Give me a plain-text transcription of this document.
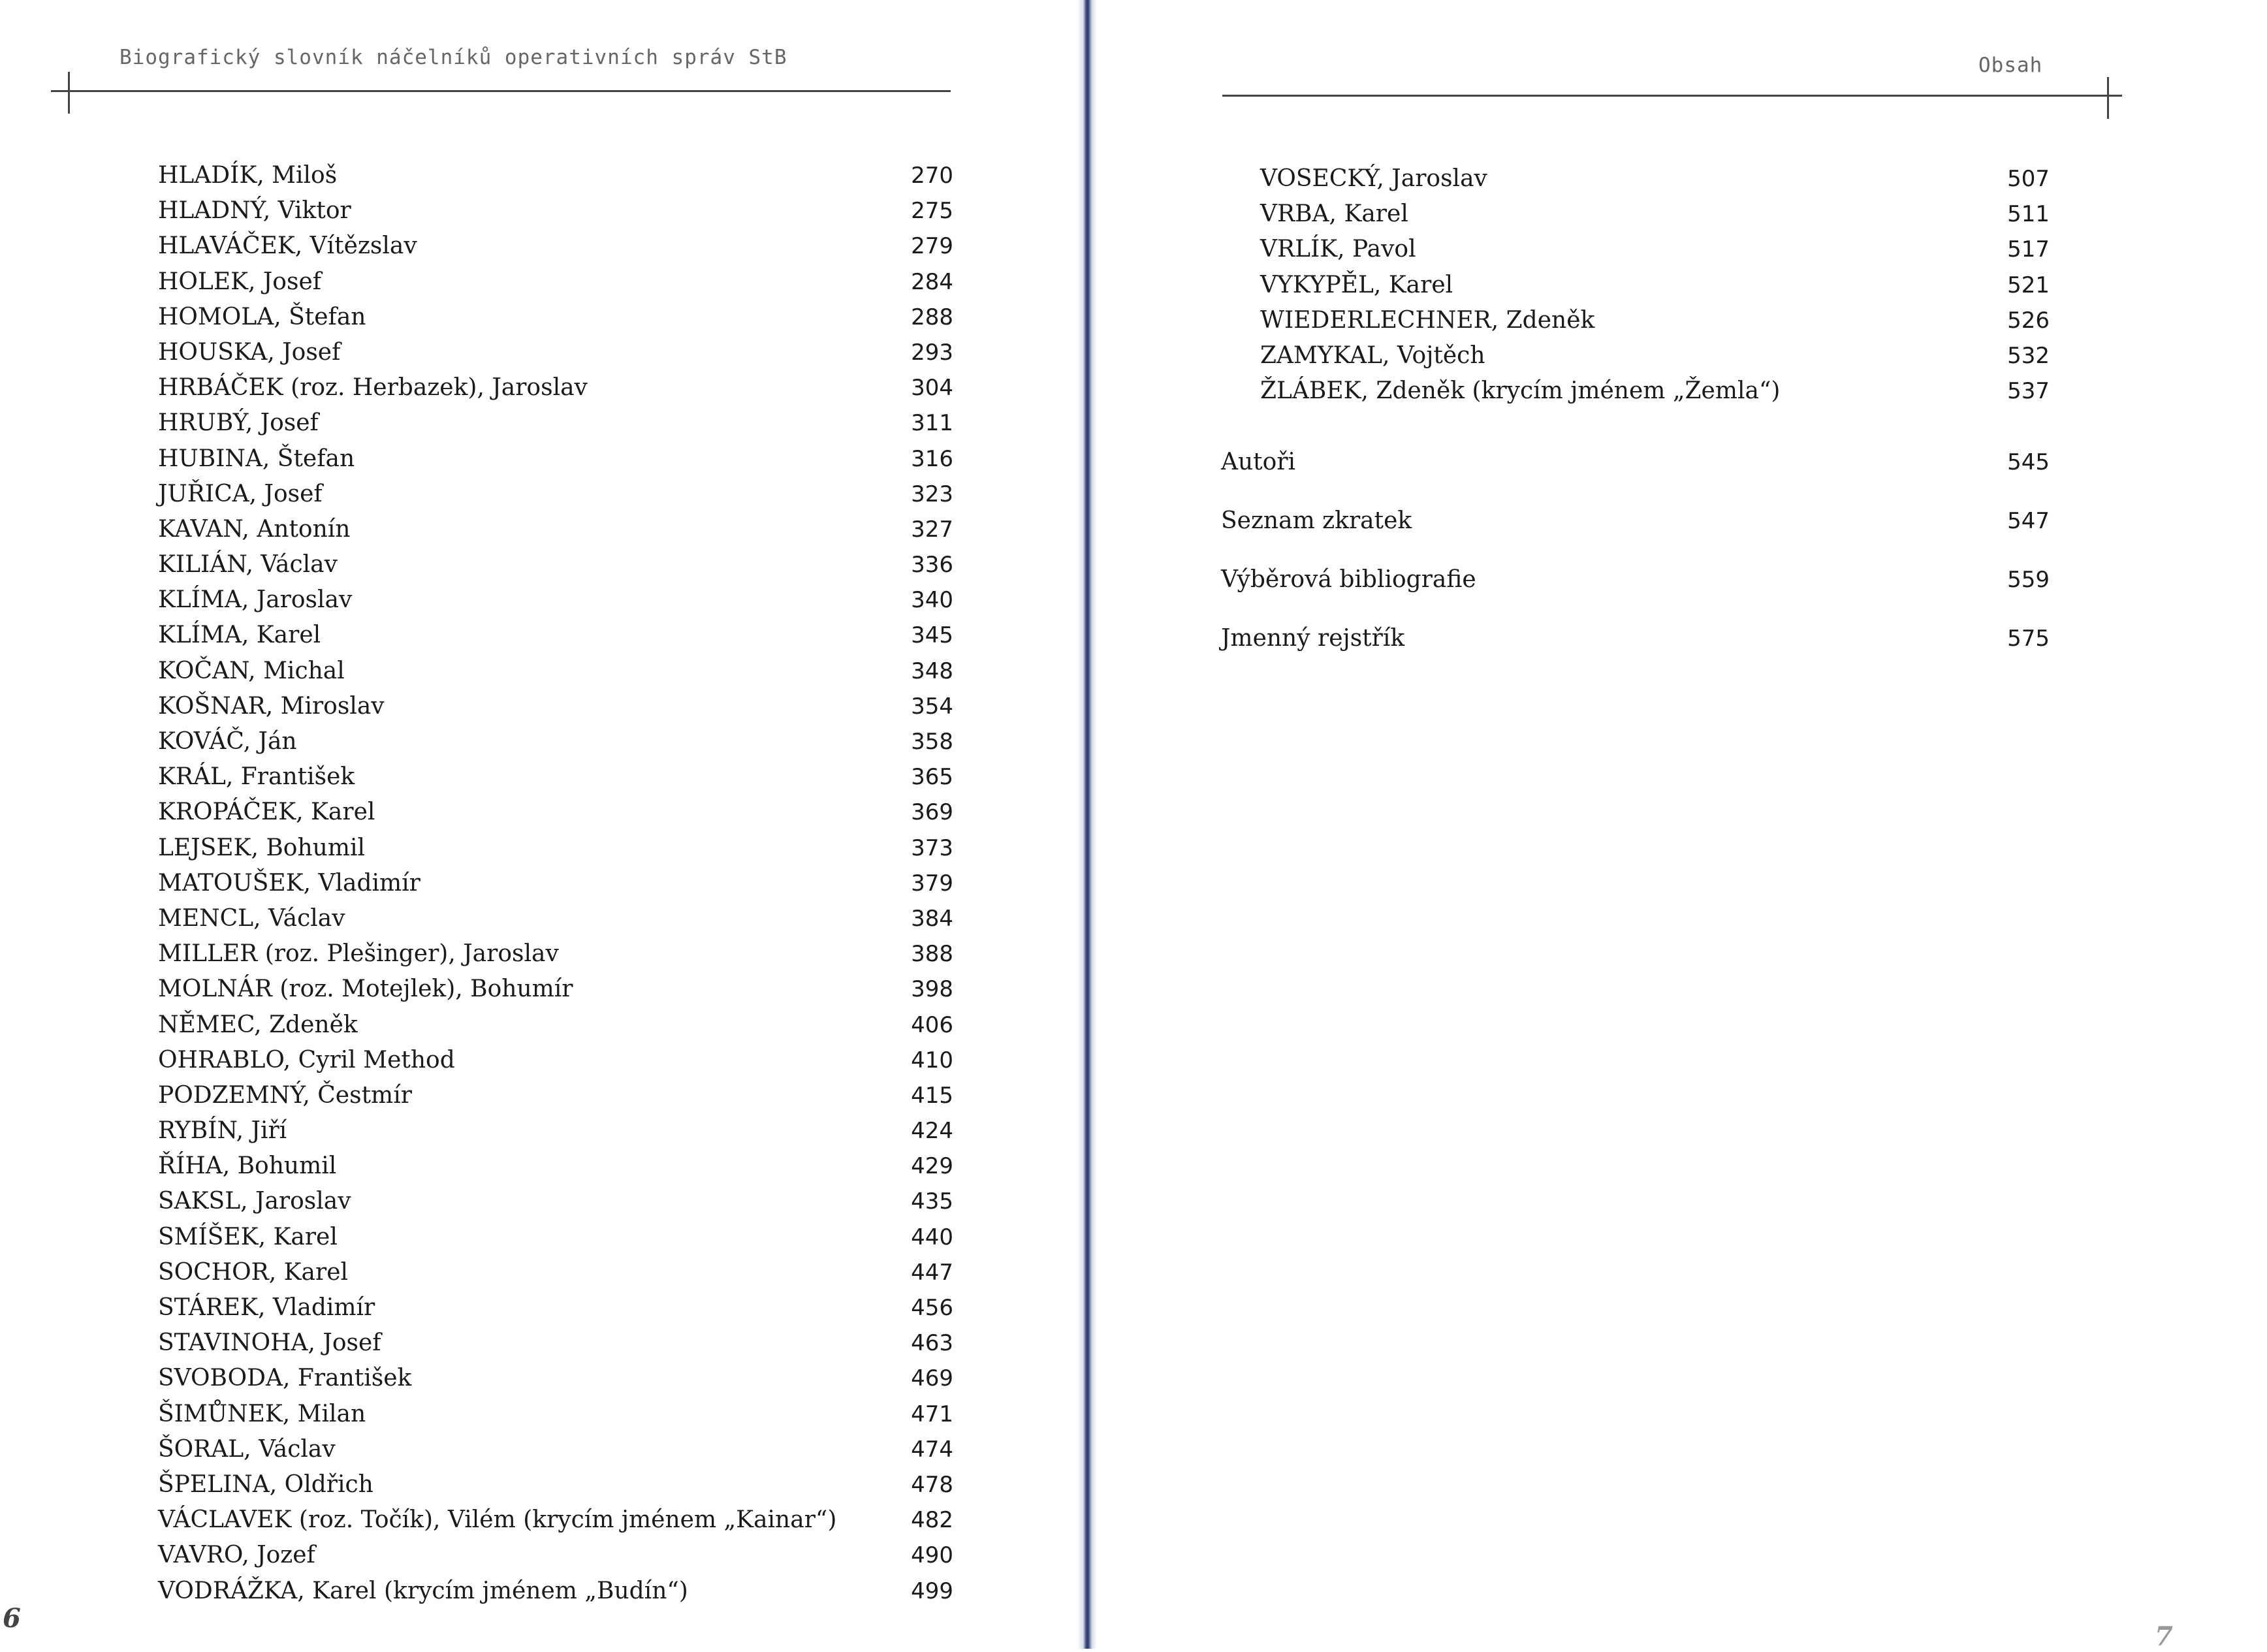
Biografický slovník náčelníků operativních správ StB
HLADÍK, Miloš	270
HLADNÝ, Viktor	275
HLAVÁČEK, Vítězslav	279
HOLEK, Josef	284
HOMOLA, Štefan	288
HOUSKA, Josef	293
HRBÁČEK (roz. Herbazek), Jaroslav	304
HRUBÝ, Josef	311
HUBINA, Štefan	316
JUŘICA, Josef	323
KAVAN, Antonín	327
KILIÁN, Václav	336
KLÍMA, Jaroslav	340
KLÍMA, Karel	345
KOČAN, Michal	348
KOŠNAR, Miroslav	354
KOVÁČ, Ján	358
KRÁL, František	365
KROPÁČEK, Karel	369
LEJSEK, Bohumil	373
MATOUŠEK, Vladimír	379
MENCL, Václav	384
MILLER (roz. Plešinger), Jaroslav	388
MOLNÁR (roz. Motejlek), Bohumír	398
NĚMEC, Zdeněk	406
OHRABLO, Cyril Method	410
PODZEMNÝ, Čestmír	415
RYBÍN, Jiří	424
ŘÍHA, Bohumil	429
SAKSL, Jaroslav	435
SMÍŠEK, Karel	440
SOCHOR, Karel	447
STÁREK, Vladimír	456
STAVINOHA, Josef	463
SVOBODA, František	469
ŠIMŮNEK, Milan	471
ŠORAL, Václav	474
ŠPELINA, Oldřich	478
VÁCLAVEK (roz. Točík), Vilém (krycím jménem „Kainar“)	482
VAVRO, Jozef	490
VODRÁŽKA, Karel (krycím jménem „Budín“)	499
6
Obsah
VOSECKÝ, Jaroslav	507
VRBA, Karel	511
VRLÍK, Pavol	517
VYKYPĚL, Karel	521
WIEDERLECHNER, Zdeněk	526
ZAMYKAL, Vojtěch	532
ŽLÁBEK, Zdeněk (krycím jménem „Žemla“)	537
Autoři	545
Seznam zkratek	547
Výběrová bibliografie	559
Jmenný rejstřík	575
7
